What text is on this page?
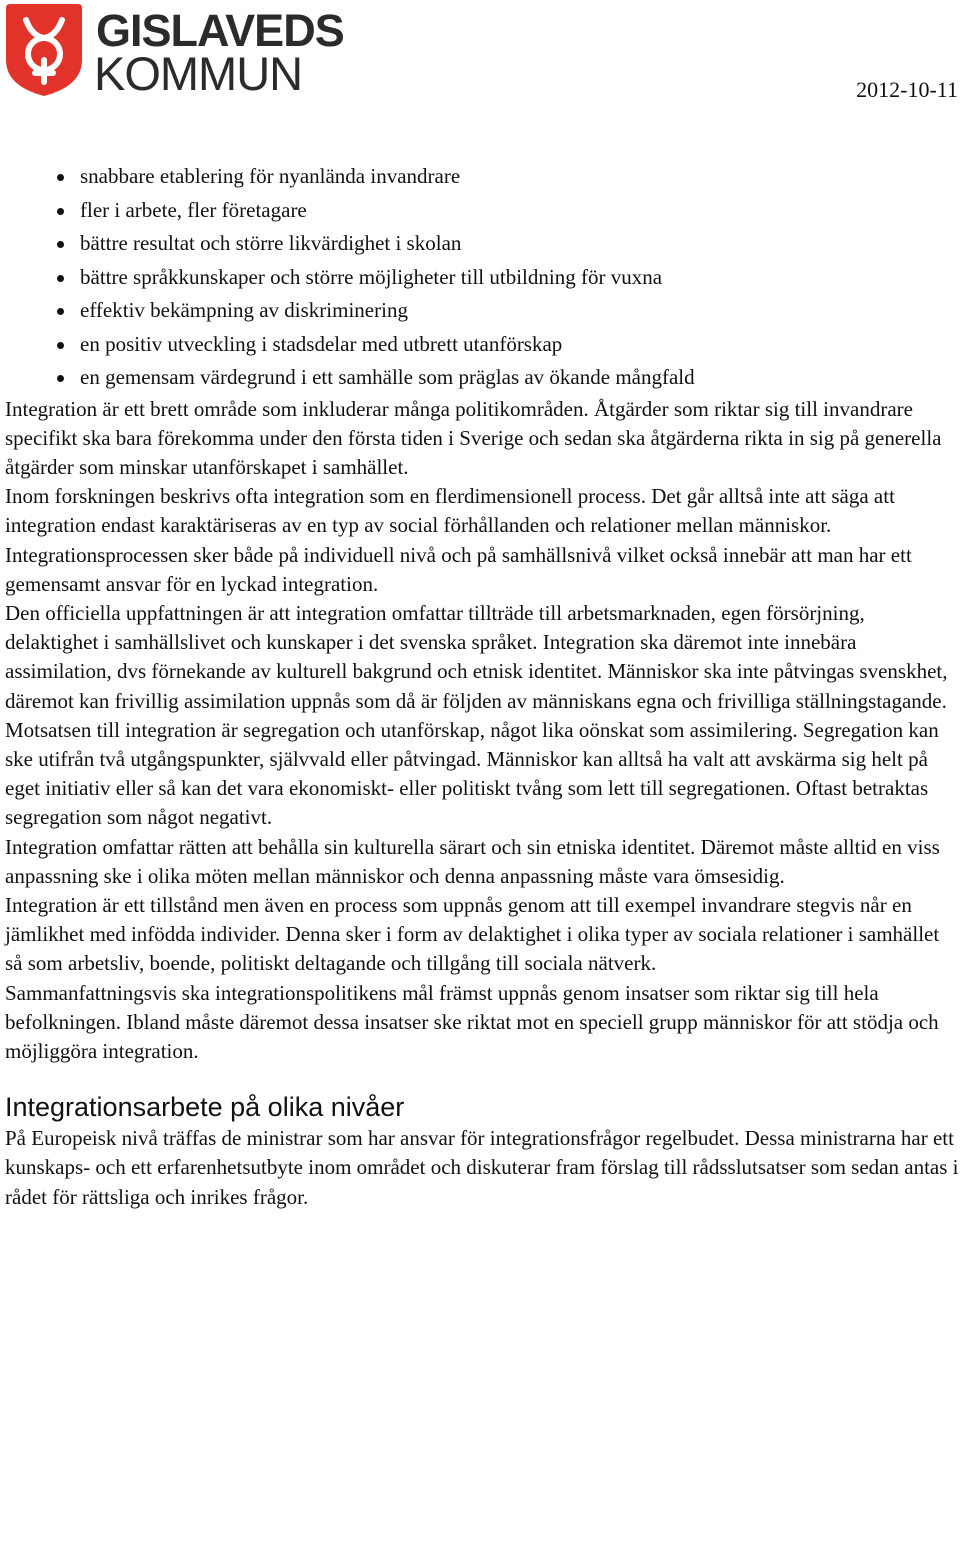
GISLAVEDS
KOMMUN	2012-10-11
snabbare etablering för nyanlända invandrare
fler i arbete, fler företagare
bättre resultat och större likvärdighet i skolan
bättre språkkunskaper och större möjligheter till utbildning för vuxna
effektiv bekämpning av diskriminering
en positiv utveckling i stadsdelar med utbrett utanförskap
en gemensam värdegrund i ett samhälle som präglas av ökande mångfald

Integration är ett brett område som inkluderar många politikområden. Åtgärder som riktar sig till invandrare specifikt ska bara förekomma under den första tiden i Sverige och sedan ska åtgärderna rikta in sig på generella åtgärder som minskar utanförskapet i samhället.

Inom forskningen beskrivs ofta integration som en flerdimensionell process. Det går alltså inte att säga att integration endast karaktäriseras av en typ av social förhållanden och relationer mellan människor. Integrationsprocessen sker både på individuell nivå och på samhällsnivå vilket också innebär att man har ett gemensamt ansvar för en lyckad integration.

Den officiella uppfattningen är att integration omfattar tillträde till arbetsmarknaden, egen försörjning, delaktighet i samhällslivet och kunskaper i det svenska språket. Integration ska däremot inte innebära assimilation, dvs förnekande av kulturell bakgrund och etnisk identitet. Människor ska inte påtvingas svenskhet, däremot kan frivillig assimilation uppnås som då är följden av människans egna och frivilliga ställningstagande.

Motsatsen till integration är segregation och utanförskap, något lika oönskat som assimilering. Segregation kan ske utifrån två utgångspunkter, självvald eller påtvingad. Människor kan alltså ha valt att avskärma sig helt på eget initiativ eller så kan det vara ekonomiskt- eller politiskt tvång som lett till segregationen. Oftast betraktas segregation som något negativt.

Integration omfattar rätten att behålla sin kulturella särart och sin etniska identitet. Däremot måste alltid en viss anpassning ske i olika möten mellan människor och denna anpassning måste vara ömsesidig.

Integration är ett tillstånd men även en process som uppnås genom att till exempel invandrare stegvis når en jämlikhet med infödda individer. Denna sker i form av delaktighet i olika typer av sociala relationer i samhället så som arbetsliv, boende, politiskt deltagande och tillgång till sociala nätverk.

Sammanfattningsvis ska integrationspolitikens mål främst uppnås genom insatser som riktar sig till hela befolkningen. Ibland måste däremot dessa insatser ske riktat mot en speciell grupp människor för att stödja och möjliggöra integration.

Integrationsarbete på olika nivåer

På Europeisk nivå träffas de ministrar som har ansvar för integrationsfrågor regelbudet. Dessa ministrarna har ett kunskaps- och ett erfarenhetsutbyte inom området och diskuterar fram förslag till rådsslutsatser som sedan antas i rådet för rättsliga och inrikes frågor.
